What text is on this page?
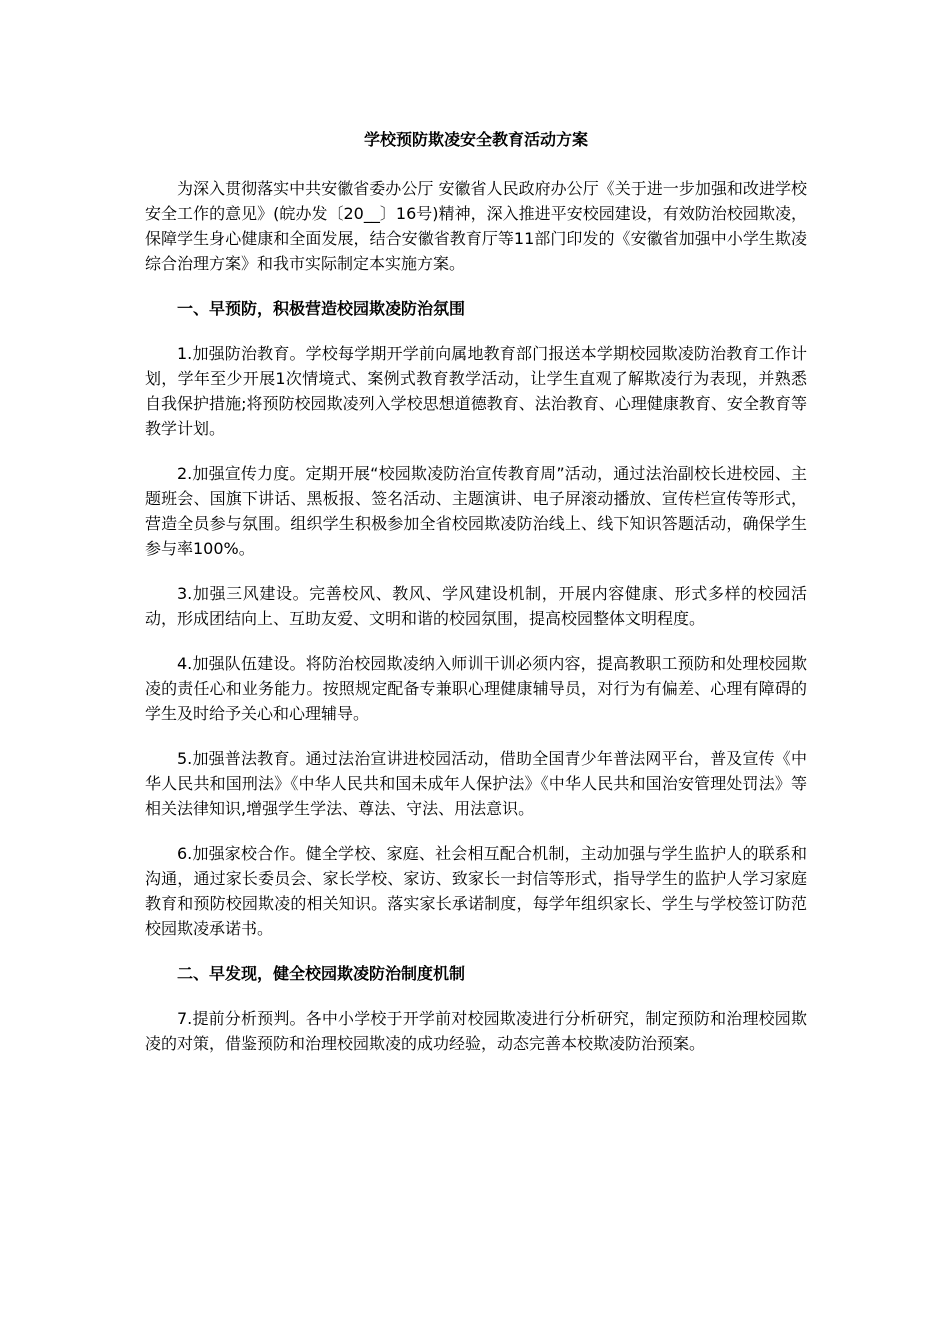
学校预防欺凌安全教育活动方案

为深入贯彻落实中共安徽省委办公厅 安徽省人民政府办公厅《关于进一步加强和改进学校安全工作的意见》(皖办发〔20__〕16号)精神，深入推进平安校园建设，有效防治校园欺凌，保障学生身心健康和全面发展，结合安徽省教育厅等11部门印发的《安徽省加强中小学生欺凌综合治理方案》和我市实际制定本实施方案。

一、早预防，积极营造校园欺凌防治氛围

1.加强防治教育。学校每学期开学前向属地教育部门报送本学期校园欺凌防治教育工作计划，学年至少开展1次情境式、案例式教育教学活动，让学生直观了解欺凌行为表现，并熟悉自我保护措施;将预防校园欺凌列入学校思想道德教育、法治教育、心理健康教育、安全教育等教学计划。

2.加强宣传力度。定期开展“校园欺凌防治宣传教育周”活动，通过法治副校长进校园、主题班会、国旗下讲话、黑板报、签名活动、主题演讲、电子屏滚动播放、宣传栏宣传等形式，营造全员参与氛围。组织学生积极参加全省校园欺凌防治线上、线下知识答题活动，确保学生参与率100%。

3.加强三风建设。完善校风、教风、学风建设机制，开展内容健康、形式多样的校园活动，形成团结向上、互助友爱、文明和谐的校园氛围，提高校园整体文明程度。

4.加强队伍建设。将防治校园欺凌纳入师训干训必须内容，提高教职工预防和处理校园欺凌的责任心和业务能力。按照规定配备专兼职心理健康辅导员，对行为有偏差、心理有障碍的学生及时给予关心和心理辅导。

5.加强普法教育。通过法治宣讲进校园活动，借助全国青少年普法网平台，普及宣传《中华人民共和国刑法》《中华人民共和国未成年人保护法》《中华人民共和国治安管理处罚法》等相关法律知识,增强学生学法、尊法、守法、用法意识。

6.加强家校合作。健全学校、家庭、社会相互配合机制，主动加强与学生监护人的联系和沟通，通过家长委员会、家长学校、家访、致家长一封信等形式，指导学生的监护人学习家庭教育和预防校园欺凌的相关知识。落实家长承诺制度，每学年组织家长、学生与学校签订防范校园欺凌承诺书。

二、早发现，健全校园欺凌防治制度机制

7.提前分析预判。各中小学校于开学前对校园欺凌进行分析研究，制定预防和治理校园欺凌的对策，借鉴预防和治理校园欺凌的成功经验，动态完善本校欺凌防治预案。
